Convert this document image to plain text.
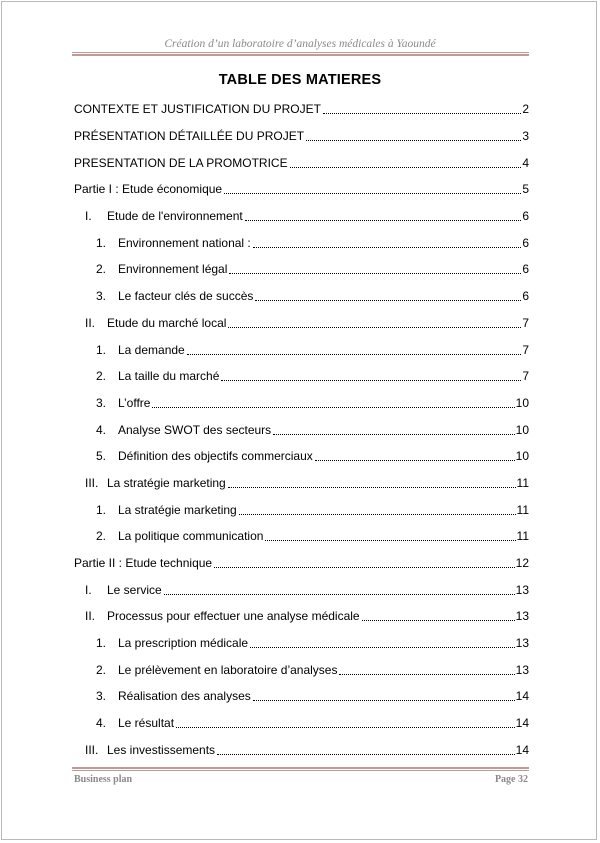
Création d’un laboratoire d’analyses médicales à Yaoundé
TABLE DES MATIERES
CONTEXTE ET JUSTIFICATION DU PROJET	2
PRÉSENTATION DÉTAILLÉE DU PROJET	3
PRESENTATION DE LA PROMOTRICE	4
Partie I : Etude économique	5
I.	Etude de l'environnement	6
1. Environnement national :	6
2. Environnement légal	6
3. Le facteur clés de succès	6
II. Etude du marché local	7
1. La demande	7
2. La taille du marché	7
3. L’offre	10
4. Analyse SWOT des secteurs	10
5. Définition des objectifs commerciaux	10
III. La stratégie marketing	11
1. La stratégie marketing	11
2. La politique communication	11
Partie II : Etude technique	12
I.	Le service	13
II. Processus pour effectuer une analyse médicale	13
1. La prescription médicale	13
2. Le prélèvement en laboratoire d’analyses	13
3. Réalisation des analyses	14
4. Le résultat	14
III. Les investissements	14
Business plan	Page 32
